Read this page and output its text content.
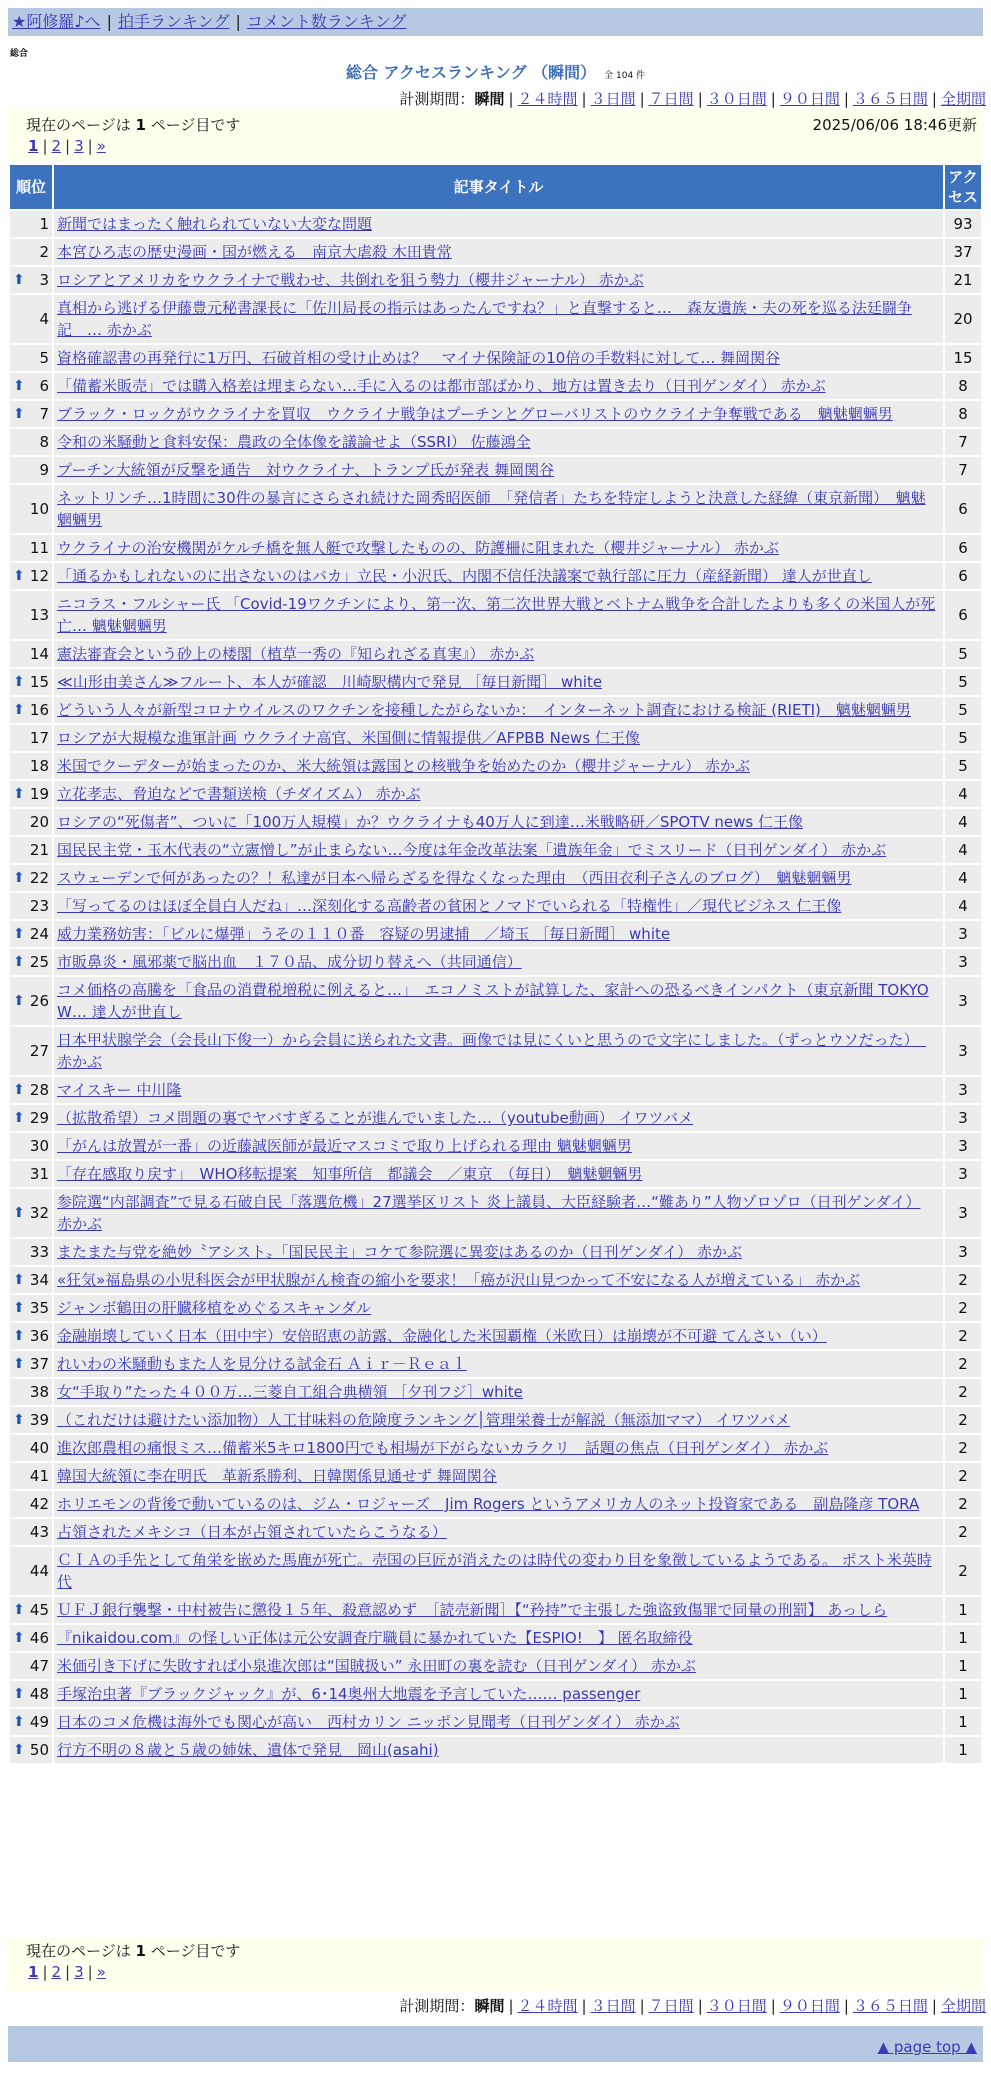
★阿修羅♪へ | 拍手ランキング | コメント数ランキング
総合
総合 アクセスランキング （瞬間） 全 104 件
計測期間：瞬間 | ２４時間 | ３日間 | ７日間 | ３０日間 | ９０日間 | ３６５日間 | 全期間
現在のページは 1 ページ目です	2025/06/06 18:46更新
1 | 2 | 3 | »
順位	記事タイトル	アクセス
1	新聞ではまったく触れられていない大変な問題	93
2	本宮ひろ志の歴史漫画・国が燃える　南京大虐殺 木田貴常	37

⬆ 3	ロシアとアメリカをウクライナで戦わせ、共倒れを狙う勢力（櫻井ジャーナル） 赤かぶ	21
4	真相から逃げる伊藤豊元秘書課長に「佐川局長の指示はあったんですね？」と直撃すると…　森友遺族・夫の死を巡る法廷闘争記　… 赤かぶ	20
5	資格確認書の再発行に1万円、石破首相の受け止めは？　マイナ保険証の10倍の手数料に対して… 舞岡関谷	15

⬆ 6	「備蓄米販売」では購入格差は埋まらない…手に入るのは都市部ばかり、地方は置き去り（日刊ゲンダイ） 赤かぶ	8

⬆ 7	ブラック・ロックがウクライナを買収　ウクライナ戦争はプーチンとグローバリストのウクライナ争奪戦である　魑魅魍魎男	8
8	令和の米騒動と食料安保：農政の全体像を議論せよ（SSRI） 佐藤鴻全	7
9	プーチン大統領が反撃を通告　対ウクライナ、トランプ氏が発表 舞岡関谷	7
10	ネットリンチ…1時間に30件の暴言にさらされ続けた岡秀昭医師　「発信者」たちを特定しようと決意した経緯（東京新聞）　魑魅魍魎男	6
11	ウクライナの治安機関がケルチ橋を無人艇で攻撃したものの、防護柵に阻まれた（櫻井ジャーナル） 赤かぶ	6

⬆ 12	「通るかもしれないのに出さないのはバカ」立民・小沢氏、内閣不信任決議案で執行部に圧力（産経新聞） 達人が世直し	6
13	ニコラス・フルシャー氏 「Covid-19ワクチンにより、第一次、第二次世界大戦とベトナム戦争を合計したよりも多くの米国人が死亡… 魑魅魍魎男	6
14	憲法審査会という砂上の楼閣（植草一秀の『知られざる真実』） 赤かぶ	5

⬆ 15	≪山形由美さん≫フルート、本人が確認　川崎駅構内で発見 ［毎日新聞］ white	5

⬆ 16	どういう人々が新型コロナウイルスのワクチンを接種したがらないか：　インターネット調査における検証 (RIETI)　魑魅魍魎男	5
17	ロシアが大規模な進軍計画 ウクライナ高官、米国側に情報提供／AFPBB News 仁王像	5
18	米国でクーデターが始まったのか、米大統領は露国との核戦争を始めたのか（櫻井ジャーナル） 赤かぶ	5

⬆ 19	立花孝志、脅迫などで書類送検（チダイズム） 赤かぶ	4
20	ロシアの“死傷者”、ついに「100万人規模」か？ウクライナも40万人に到達…米戦略研／SPOTV news 仁王像	4
21	国民民主党・玉木代表の“立憲憎し”が止まらない…今度は年金改革法案「遺族年金」でミスリード（日刊ゲンダイ） 赤かぶ	4

⬆ 22	スウェーデンで何があったの？！私達が日本へ帰らざるを得なくなった理由　（西田衣利子さんのブログ）　魑魅魍魎男	4
23	「写ってるのはほぼ全員白人だね」…深刻化する高齢者の貧困とノマドでいられる「特権性」／現代ビジネス 仁王像	4

⬆ 24	威力業務妨害：「ビルに爆弾」うその１１０番　容疑の男逮捕　／埼玉 ［毎日新聞］ white	3

⬆ 25	市販鼻炎・風邪薬で脳出血　１７０品、成分切り替えへ（共同通信）	3

⬆ 26	コメ価格の高騰を「食品の消費税増税に例えると…」　エコノミストが試算した、家計への恐るべきインパクト（東京新聞 TOKYO W… 達人が世直し	3
27	日本甲状腺学会（会長山下俊一）から会員に送られた文書。画像では見にくいと思うので文字にしました。（ずっとウソだった）　赤かぶ	3

⬆ 28	マイスキー 中川隆	3

⬆ 29	（拡散希望）コメ問題の裏でヤバすぎることが進んでいました…（youtube動画） イワツバメ	3
30	「がんは放置が一番」の近藤誠医師が最近マスコミで取り上げられる理由 魑魅魍魎男	3
31	「存在感取り戻す」　WHO移転提案　知事所信　都議会　／東京　（毎日）　魑魅魍魎男	3

⬆ 32	参院選“内部調査”で見る石破自民「落選危機」27選挙区リスト 炎上議員、大臣経験者…“難あり”人物ゾロゾロ（日刊ゲンダイ） 赤かぶ	3
33	またまた与党を絶妙〝アシスト〟「国民民主」コケて参院選に異変はあるのか（日刊ゲンダイ） 赤かぶ	3

⬆ 34	«狂気»福島県の小児科医会が甲状腺がん検査の縮小を要求！「癌が沢山見つかって不安になる人が増えている」 赤かぶ	2

⬆ 35	ジャンボ鶴田の肝臓移植をめぐるスキャンダル	2

⬆ 36	金融崩壊していく日本（田中宇）安倍昭恵の訪露、金融化した米国覇権（米欧日）は崩壊が不可避 てんさい（い）	2

⬆ 37	れいわの米騒動もまた人を見分ける試金石 Ａｉｒ－Ｒｅａｌ	2
38	女“手取り”たった４００万…三菱自工組合典横領 ［夕刊フジ］white	2

⬆ 39	（これだけは避けたい添加物）人工甘味料の危険度ランキング│管理栄養士が解説（無添加ママ） イワツバメ	2
40	進次郎農相の痛恨ミス…備蓄米5キロ1800円でも相場が下がらないカラクリ　話題の焦点（日刊ゲンダイ） 赤かぶ	2
41	韓国大統領に李在明氏　革新系勝利、日韓関係見通せず 舞岡関谷	2
42	ホリエモンの背後で動いているのは、ジム・ロジャーズ　Jim Rogers というアメリカ人のネット投資家である　副島隆彦 TORA	2
43	占領されたメキシコ（日本が占領されていたらこうなる）	2
44	ＣＩＡの手先として角栄を嵌めた馬鹿が死亡。売国の巨匠が消えたのは時代の変わり目を象徴しているようである。 ポスト米英時代	2

⬆ 45	ＵＦＪ銀行襲撃・中村被告に懲役１５年、殺意認めず　［読売新聞］【“矜持”で主張した強盗致傷罪で同量の刑罰】 あっしら	1

⬆ 46	『nikaidou.com』の怪しい正体は元公安調査庁職員に暴かれていた【ESPIO!　】 匿名取締役	1
47	米価引き下げに失敗すれば小泉進次郎は“国賊扱い” 永田町の裏を読む（日刊ゲンダイ） 赤かぶ	1

⬆ 48	手塚治虫著『ブラックジャック』が、6･14奥州大地震を予言していた…… passenger	1

⬆ 49	日本のコメ危機は海外でも関心が高い　西村カリン ニッポン見聞考（日刊ゲンダイ） 赤かぶ	1

⬆ 50	行方不明の８歳と５歳の姉妹、遺体で発見　岡山(asahi)	1
現在のページは 1 ページ目です
1 | 2 | 3 | »
計測期間：瞬間 | ２４時間 | ３日間 | ７日間 | ３０日間 | ９０日間 | ３６５日間 | 全期間
▲ page top ▲
